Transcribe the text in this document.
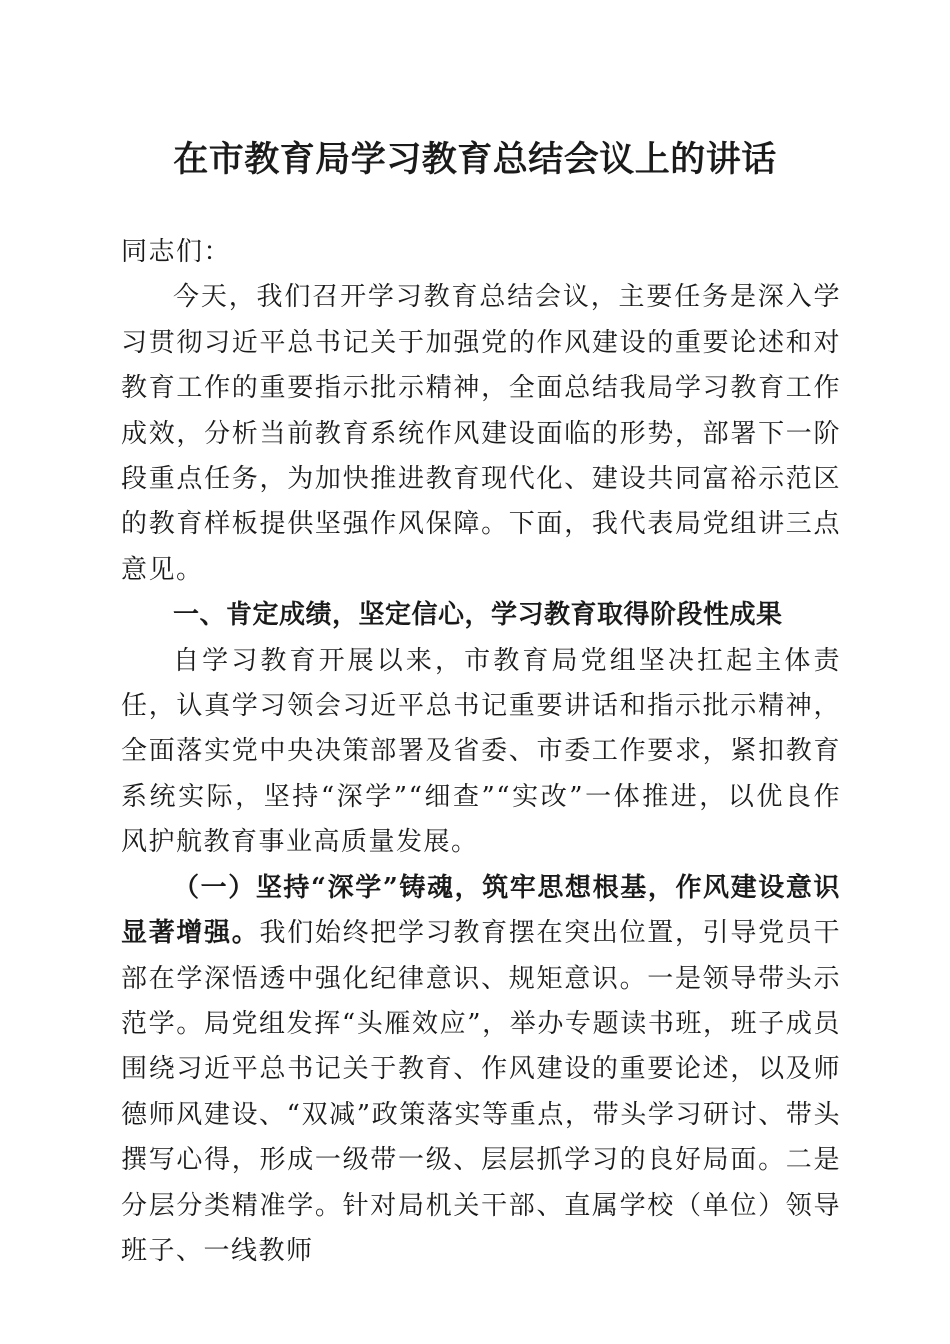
在市教育局学习教育总结会议上的讲话

同志们：

今天，我们召开学习教育总结会议，主要任务是深入学习贯彻习近平总书记关于加强党的作风建设的重要论述和对教育工作的重要指示批示精神，全面总结我局学习教育工作成效，分析当前教育系统作风建设面临的形势，部署下一阶段重点任务，为加快推进教育现代化、建设共同富裕示范区的教育样板提供坚强作风保障。下面，我代表局党组讲三点意见。

一、肯定成绩，坚定信心，学习教育取得阶段性成果

自学习教育开展以来，市教育局党组坚决扛起主体责任，认真学习领会习近平总书记重要讲话和指示批示精神，全面落实党中央决策部署及省委、市委工作要求，紧扣教育系统实际，坚持“深学”“细查”“实改”一体推进，以优良作风护航教育事业高质量发展。

（一）坚持“深学”铸魂，筑牢思想根基，作风建设意识显著增强。我们始终把学习教育摆在突出位置，引导党员干部在学深悟透中强化纪律意识、规矩意识。一是领导带头示范学。局党组发挥“头雁效应”，举办专题读书班，班子成员围绕习近平总书记关于教育、作风建设的重要论述，以及师德师风建设、“双减”政策落实等重点，带头学习研讨、带头撰写心得，形成一级带一级、层层抓学习的良好局面。二是分层分类精准学。针对局机关干部、直属学校（单位）领导班子、一线教师
